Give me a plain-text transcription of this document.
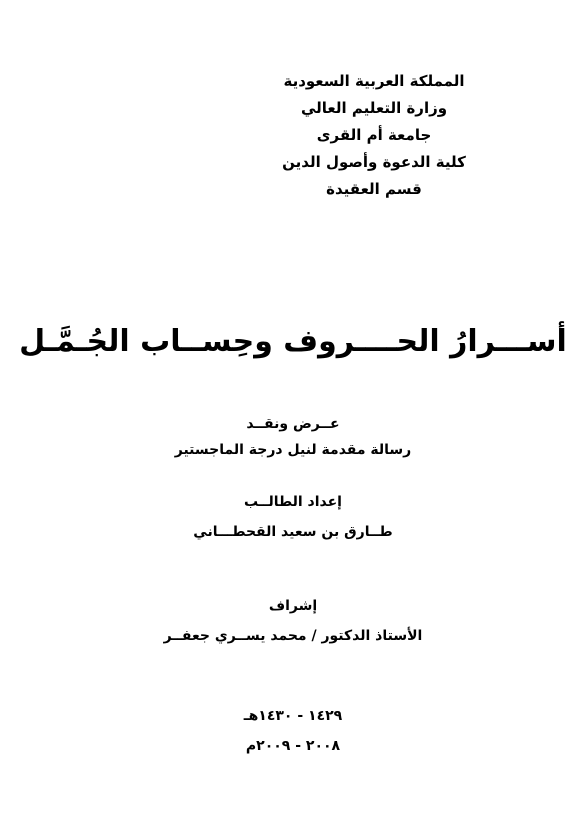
المملكة العربية السعودية
وزارة التعليم العالي
جامعة أم القرى
كلية الدعوة وأصول الدين
قسم العقيدة
أســـرارُ الحــــروف وحِســاب الجُـمَّـل
عــرض ونقــد
رسالة مقدمة لنيل درجة الماجستير
إعداد الطالــب
طــارق بن سعيد القحطـــاني
إشراف
الأستاذ الدكتور / محمد يســري جعفــر
١٤٢٩ - ١٤٣٠هـ
٢٠٠٨ - ٢٠٠٩م
